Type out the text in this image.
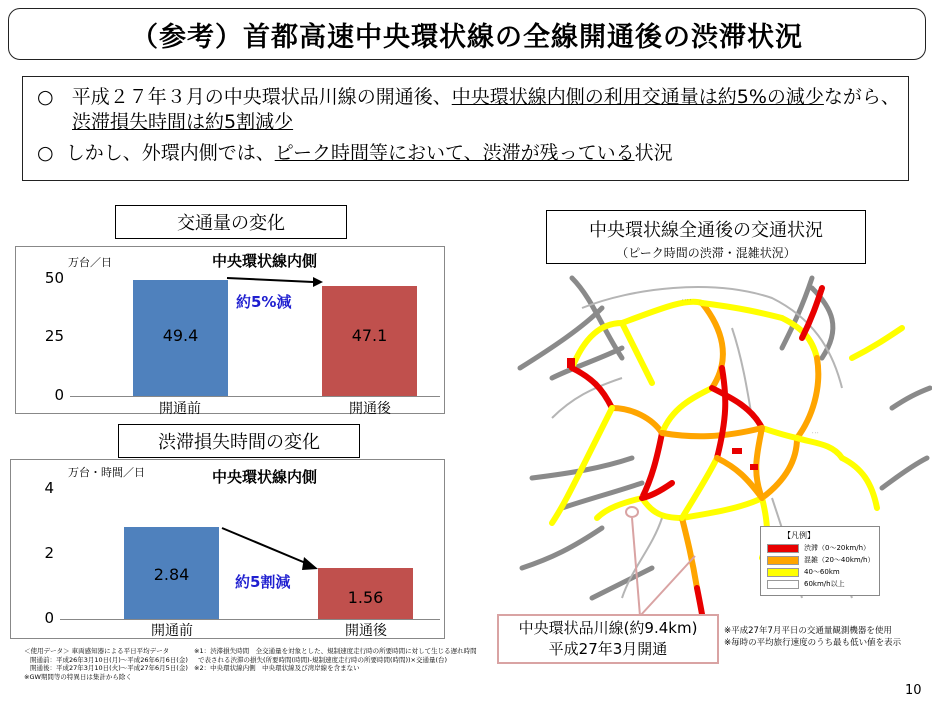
（参考）首都高速中央環状線の全線開通後の渋滞状況

○ 平成２７年３月の中央環状品川線の開通後、中央環状線内側の利用交通量は約5%の減少ながら、渋滞損失時間は約5割減少

○ しかし、外環内側では、ピーク時間等において、渋滞が残っている状況

交通量の変化
万台／日	中央環状線内側
50
25
0
49.4	47.1
開通前	開通後
約5%減
渋滞損失時間の変化
万台・時間／日	中央環状線内側
4
2
0
2.84
1.56
開通前	開通後
約5割減
＜使用データ＞ 車両感知器による平日平均データ
開通前：平成26年3月10日(月)～平成26年6月6日(金)
開通後：平成27年3月10日(火)～平成27年6月5日(金)
※GW期間等の特異日は集計から除く
※1：渋滞損失時間　全交通量を対象とした、規制速度走行時の所要時間に対して生じる遅れ時間
で表される渋滞の損失(所要時間(時間)-規制速度走行時の所要時間(時間))×交通量(台)
※2：中央環状線内側　中央環状線及び湾岸線を含まない
中央環状線全通後の交通状況
（ピーク時間の渋滞・混雑状況）
．．．．
．．．
【凡例】
渋滞（0～20km/h）
混雑（20～40km/h）
40～60km
60km/h以上
中央環状品川線(約9.4km)
平成27年3月開通
※平成27年7月平日の交通量観測機器を使用
※毎時の平均旅行速度のうち最も低い値を表示
10
